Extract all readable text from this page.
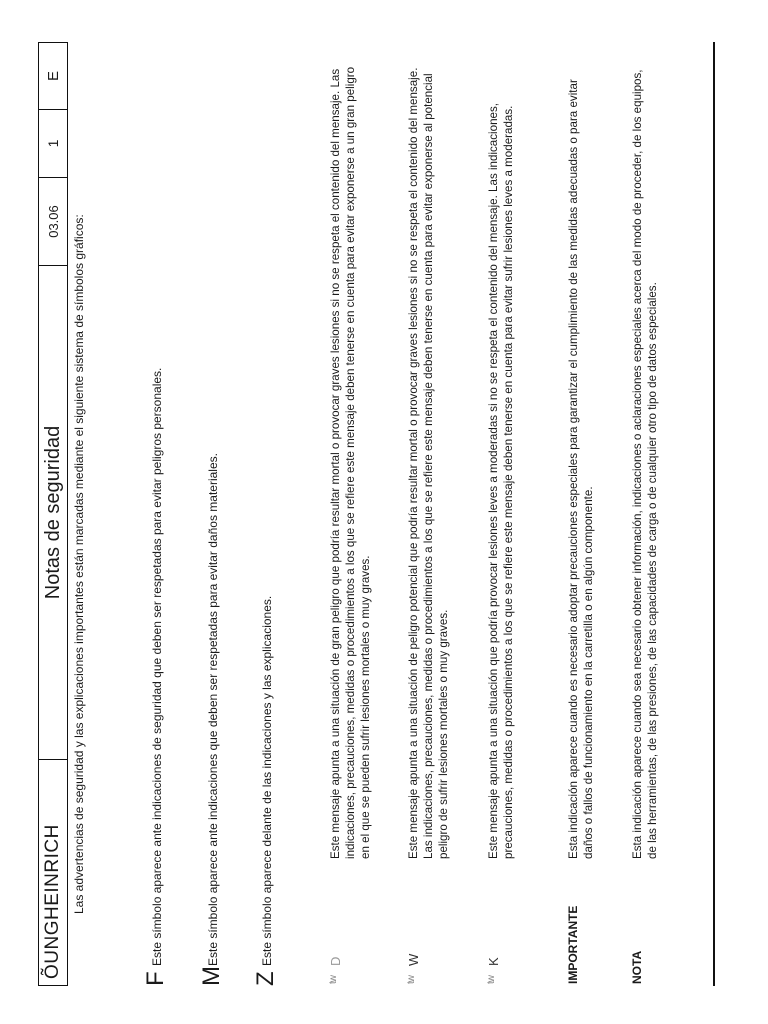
ÕUNGHEINRICH
Notas de seguridad
03.06
1
E
Las advertencias de seguridad y las explicaciones importantes están marcadas mediante el siguiente sistema de símbolos gráficos:
F
Este símbolo aparece ante indicaciones de seguridad que deben ser respetadas para evitar peligros personales.
M
Este símbolo aparece ante indicaciones que deben ser respetadas para evitar daños materiales.
Z
Este símbolo aparece delante de las indicaciones y las explicaciones.
tw
D
Este mensaje apunta a una situación de gran peligro que podría resultar mortal o provocar graves lesiones si no se respeta el contenido del mensaje. Las indicaciones, precauciones, medidas o procedimientos a los que se refiere este mensaje deben tenerse en cuenta para evitar exponerse a un gran peligro en el que se pueden sufrir lesiones mortales o muy graves.
tw
W
Este mensaje apunta a una situación de peligro potencial que podría resultar mortal o provocar graves lesiones si no se respeta el contenido del mensaje. Las indicaciones, precauciones, medidas o procedimientos a los que se refiere este mensaje deben tenerse en cuenta para evitar exponerse al potencial peligro de sufrir lesiones mortales o muy graves.
tw
K
Este mensaje apunta a una situación que podría provocar lesiones leves a moderadas si no se respeta el contenido del mensaje. Las indicaciones, precauciones, medidas o procedimientos a los que se refiere este mensaje deben tenerse en cuenta para evitar sufrir lesiones leves a moderadas.
IMPORTANTE
Esta indicación aparece cuando es necesario adoptar precauciones especiales para garantizar el cumplimiento de las medidas adecuadas o para evitar daños o fallos de funcionamiento en la carretilla o en algún componente.
NOTA
Esta indicación aparece cuando sea necesario obtener información, indicaciones o aclaraciones especiales acerca del modo de proceder, de los equipos, de las herramientas, de las presiones, de las capacidades de carga o de cualquier otro tipo de datos especiales.
